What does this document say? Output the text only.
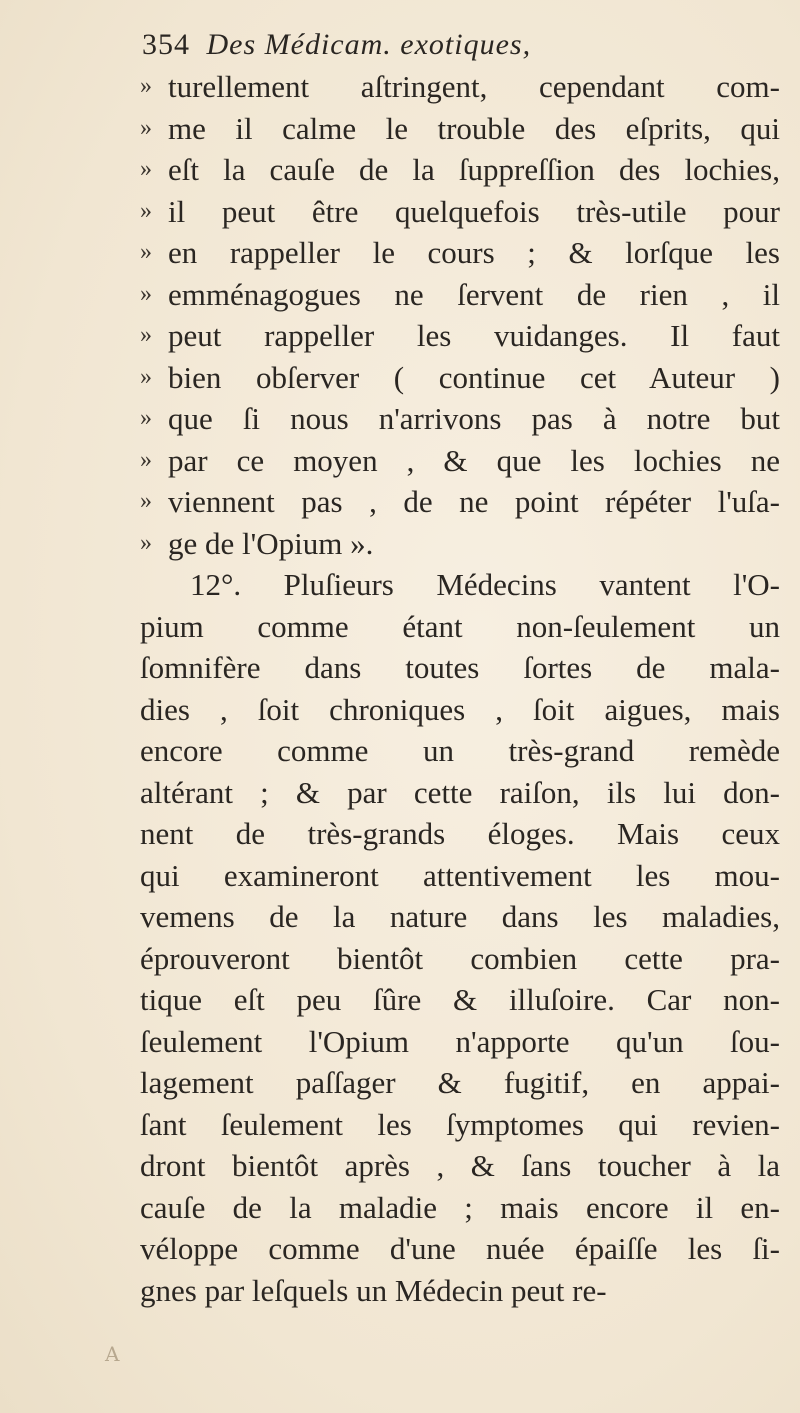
354 Des Médicam. exotiques,
» turellement aſtringent, cependant com-
» me il calme le trouble des eſprits, qui
» eſt la cauſe de la ſuppreſſion des lochies,
» il peut être quelquefois très-utile pour
» en rappeller le cours ; & lorſque les
» emménagogues ne ſervent de rien , il
» peut rappeller les vuidanges. Il faut
» bien obſerver ( continue cet Auteur )
» que ſi nous n'arrivons pas à notre but
» par ce moyen , & que les lochies ne
» viennent pas , de ne point répéter l'uſa-
» ge de l'Opium ».
12°. Pluſieurs Médecins vantent l'O-
pium comme étant non-ſeulement un
ſomnifère dans toutes ſortes de mala-
dies , ſoit chroniques , ſoit aigues, mais
encore comme un très-grand remède
altérant ; & par cette raiſon, ils lui don-
nent de très-grands éloges. Mais ceux
qui examineront attentivement les mou-
vemens de la nature dans les maladies,
éprouveront bientôt combien cette pra-
tique eſt peu ſûre & illuſoire. Car non-
ſeulement l'Opium n'apporte qu'un ſou-
lagement paſſager & fugitif, en appai-
ſant ſeulement les ſymptomes qui revien-
dront bientôt après , & ſans toucher à la
cauſe de la maladie ; mais encore il en-
véloppe comme d'une nuée épaiſſe les ſi-
gnes par leſquels un Médecin peut re-
A
